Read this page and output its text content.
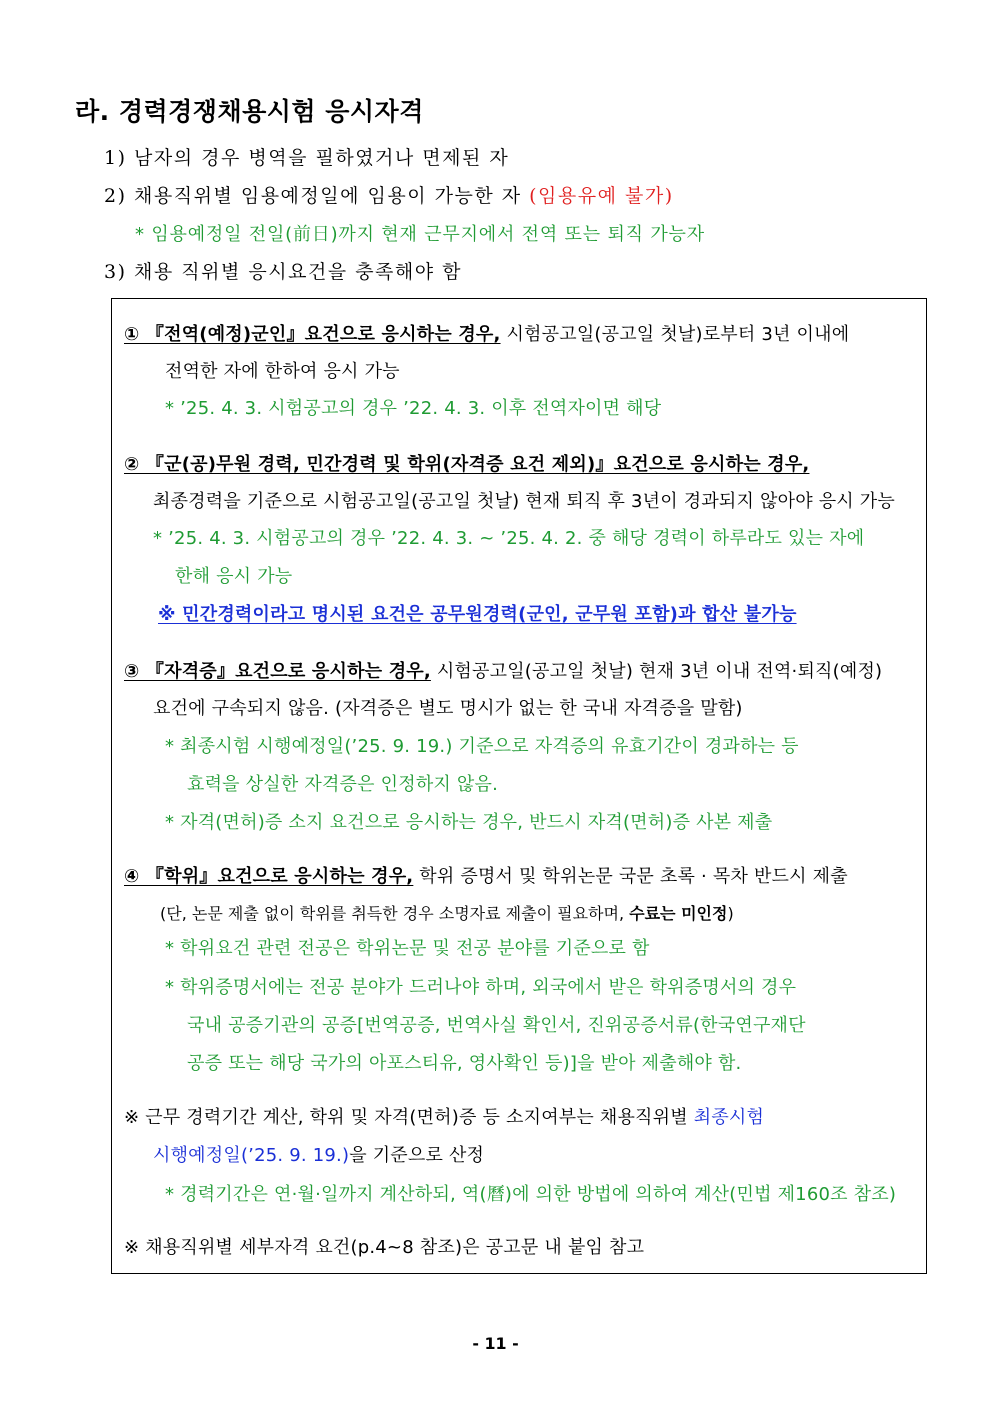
라. 경력경쟁채용시험 응시자격
1) 남자의 경우 병역을 필하였거나 면제된 자
2) 채용직위별 임용예정일에 임용이 가능한 자 (임용유예 불가)
* 임용예정일 전일(前日)까지 현재 근무지에서 전역 또는 퇴직 가능자
3) 채용 직위별 응시요건을 충족해야 함
① 『전역(예정)군인』요건으로 응시하는 경우, 시험공고일(공고일 첫날)로부터 3년 이내에
전역한 자에 한하여 응시 가능
* ’25. 4. 3. 시험공고의 경우 ’22. 4. 3. 이후 전역자이면 해당
② 『군(공)무원 경력, 민간경력 및 학위(자격증 요건 제외)』요건으로 응시하는 경우,
최종경력을 기준으로 시험공고일(공고일 첫날) 현재 퇴직 후 3년이 경과되지 않아야 응시 가능
* ’25. 4. 3. 시험공고의 경우 ’22. 4. 3. ~ ’25. 4. 2. 중 해당 경력이 하루라도 있는 자에
한해 응시 가능
※ 민간경력이라고 명시된 요건은 공무원경력(군인, 군무원 포함)과 합산 불가능
③ 『자격증』요건으로 응시하는 경우, 시험공고일(공고일 첫날) 현재 3년 이내 전역·퇴직(예정)
요건에 구속되지 않음. (자격증은 별도 명시가 없는 한 국내 자격증을 말함)
* 최종시험 시행예정일(’25. 9. 19.) 기준으로 자격증의 유효기간이 경과하는 등
효력을 상실한 자격증은 인정하지 않음.
* 자격(면허)증 소지 요건으로 응시하는 경우, 반드시 자격(면허)증 사본 제출
④ 『학위』요건으로 응시하는 경우, 학위 증명서 및 학위논문 국문 초록 · 목차 반드시 제출
(단, 논문 제출 없이 학위를 취득한 경우 소명자료 제출이 필요하며, 수료는 미인정)
* 학위요건 관련 전공은 학위논문 및 전공 분야를 기준으로 함
* 학위증명서에는 전공 분야가 드러나야 하며, 외국에서 받은 학위증명서의 경우
국내 공증기관의 공증[번역공증, 번역사실 확인서, 진위공증서류(한국연구재단
공증 또는 해당 국가의 아포스티유, 영사확인 등)]을 받아 제출해야 함.
※ 근무 경력기간 계산, 학위 및 자격(면허)증 등 소지여부는 채용직위별 최종시험
시행예정일(’25. 9. 19.)을 기준으로 산정
* 경력기간은 연·월·일까지 계산하되, 역(曆)에 의한 방법에 의하여 계산(민법 제160조 참조)
※ 채용직위별 세부자격 요건(p.4~8 참조)은 공고문 내 붙임 참고
- 11 -
